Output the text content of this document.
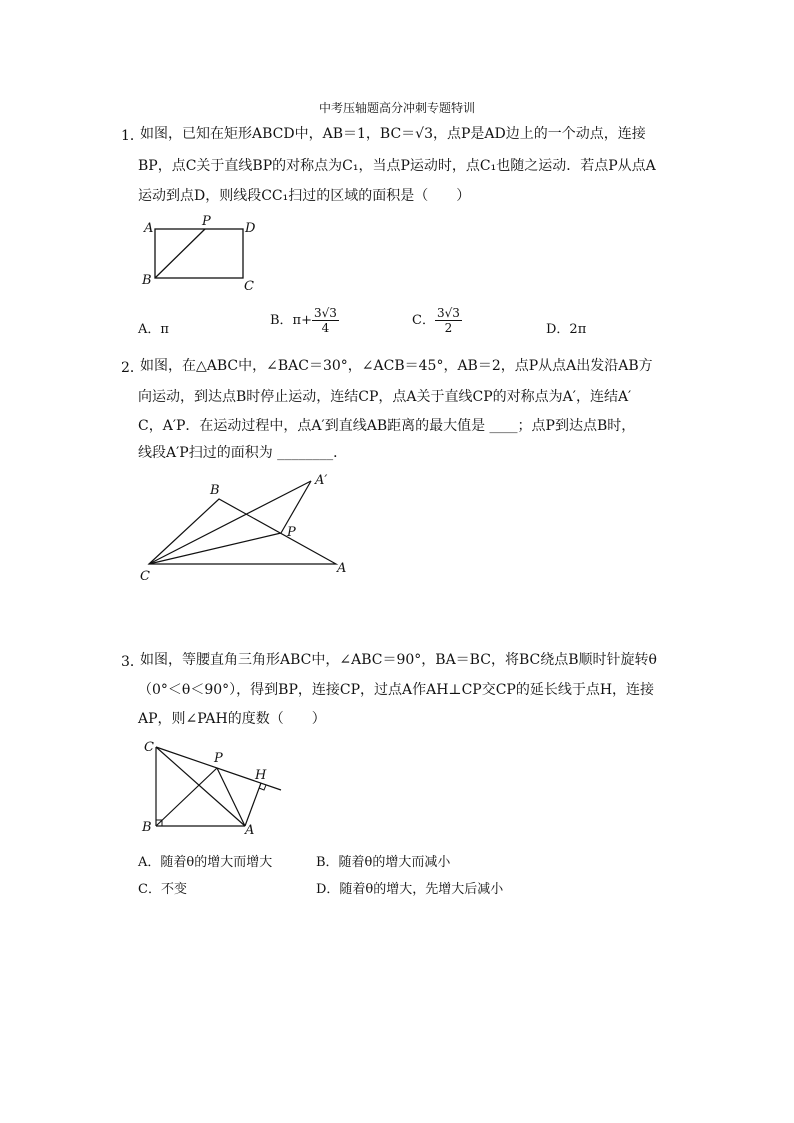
中考压轴题高分冲刺专题特训
1．
如图，已知在矩形ABCD中，AB＝1，BC＝√3，点P是AD边上的一个动点，连接
BP，点C关于直线BP的对称点为C₁，当点P运动时，点C₁也随之运动．若点P从点A
运动到点D，则线段CC₁扫过的区域的面积是（　　）
A	P	D
B	C
A．π
B．$\pi+ \frac{3√3}{4}$	C． $\frac{3√3}{2}$	D．2π
2．
如图，在△ABC中，∠BAC＝30°，∠ACB＝45°，AB＝2，点P从点A出发沿AB方
向运动，到达点B时停止运动，连结CP，点A关于直线CP的对称点为A′，连结A′
C，A′P．在运动过程中，点A′到直线AB距离的最大值是 ____；点P到达点B时，
线段A′P扫过的面积为 ________．
B
A′
P
C
A
3．
如图，等腰直角三角形ABC中，∠ABC＝90°，BA＝BC，将BC绕点B顺时针旋转θ
（0°＜θ＜90°），得到BP，连接CP，过点A作AH⊥CP交CP的延长线于点H，连接
AP，则∠PAH的度数（　　）
C
P
H
B	A
A．随着θ的增大而增大	B．随着θ的增大而减小
C．不变	D．随着θ的增大，先增大后减小
